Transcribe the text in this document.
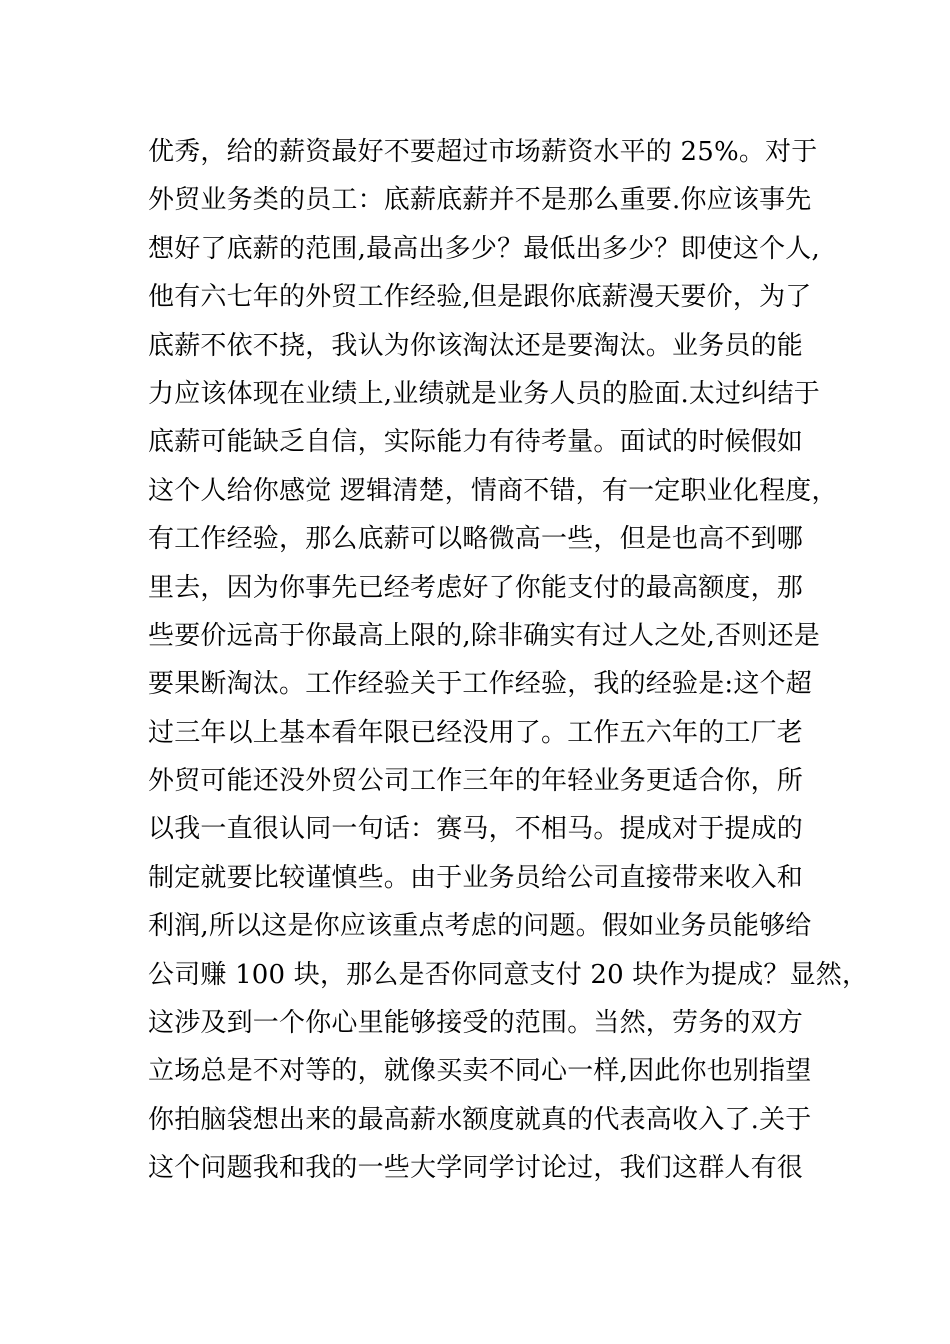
优秀，给的薪资最好不要超过市场薪资水平的 25%。对于
外贸业务类的员工：底薪底薪并不是那么重要.你应该事先
想好了底薪的范围,最高出多少？最低出多少？即使这个人,
他有六七年的外贸工作经验,但是跟你底薪漫天要价，为了
底薪不依不挠，我认为你该淘汰还是要淘汰。业务员的能
力应该体现在业绩上,业绩就是业务人员的脸面.太过纠结于
底薪可能缺乏自信，实际能力有待考量。面试的时候假如
这个人给你感觉 逻辑清楚，情商不错，有一定职业化程度，
有工作经验，那么底薪可以略微高一些，但是也高不到哪
里去，因为你事先已经考虑好了你能支付的最高额度，那
些要价远高于你最高上限的,除非确实有过人之处,否则还是
要果断淘汰。工作经验关于工作经验，我的经验是:这个超
过三年以上基本看年限已经没用了。工作五六年的工厂老
外贸可能还没外贸公司工作三年的年轻业务更适合你，所
以我一直很认同一句话：赛马，不相马。提成对于提成的
制定就要比较谨慎些。由于业务员给公司直接带来收入和
利润,所以这是你应该重点考虑的问题。假如业务员能够给
公司赚 100 块，那么是否你同意支付 20 块作为提成？显然，
这涉及到一个你心里能够接受的范围。当然，劳务的双方
立场总是不对等的，就像买卖不同心一样,因此你也别指望
你拍脑袋想出来的最高薪水额度就真的代表高收入了.关于
这个问题我和我的一些大学同学讨论过，我们这群人有很
